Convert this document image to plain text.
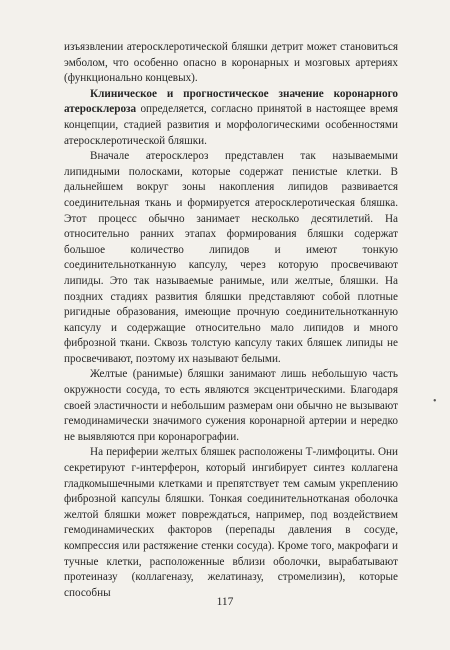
изъязвлении атеросклеротической бляшки детрит может становиться эмболом, что особенно опасно в коронарных и мозговых артериях (функционально концевых).

Клиническое и прогностическое значение коронарного атеросклероза определяется, согласно принятой в настоящее время концепции, стадией развития и морфологическими особенностями атеросклеротической бляшки.

Вначале атеросклероз представлен так называемыми липидными полосками, которые содержат пенистые клетки. В дальнейшем вокруг зоны накопления липидов развивается соединительная ткань и формируется атеросклеротическая бляшка. Этот процесс обычно занимает несколько десятилетий. На относительно ранних этапах формирования бляшки содержат большое количество липидов и имеют тонкую соединительнотканную капсулу, через которую просвечивают липиды. Это так называемые ранимые, или желтые, бляшки. На поздних стадиях развития бляшки представляют собой плотные ригидные образования, имеющие прочную соединительнотканную капсулу и содержащие относительно мало липидов и много фиброзной ткани. Сквозь толстую капсулу таких бляшек липиды не просвечивают, поэтому их называют белыми.

Желтые (ранимые) бляшки занимают лишь небольшую часть окружности сосуда, то есть являются эксцентрическими. Благодаря своей эластичности и небольшим размерам они обычно не вызывают гемодинамически значимого сужения коронарной артерии и нередко не выявляются при коронарографии.

На периферии желтых бляшек расположены Т-лимфоциты. Они секретируют г-интерферон, который ингибирует синтез коллагена гладкомышечными клетками и препятствует тем самым укреплению фиброзной капсулы бляшки. Тонкая соединительнотканая оболочка желтой бляшки может повреждаться, например, под воздействием гемодинамических факторов (перепады давления в сосуде, компрессия или растяжение стенки сосуда). Кроме того, макрофаги и тучные клетки, расположенные вблизи оболочки, вырабатывают протеиназу (коллагеназу, желатиназу, стромелизин), которые способны

•
117
